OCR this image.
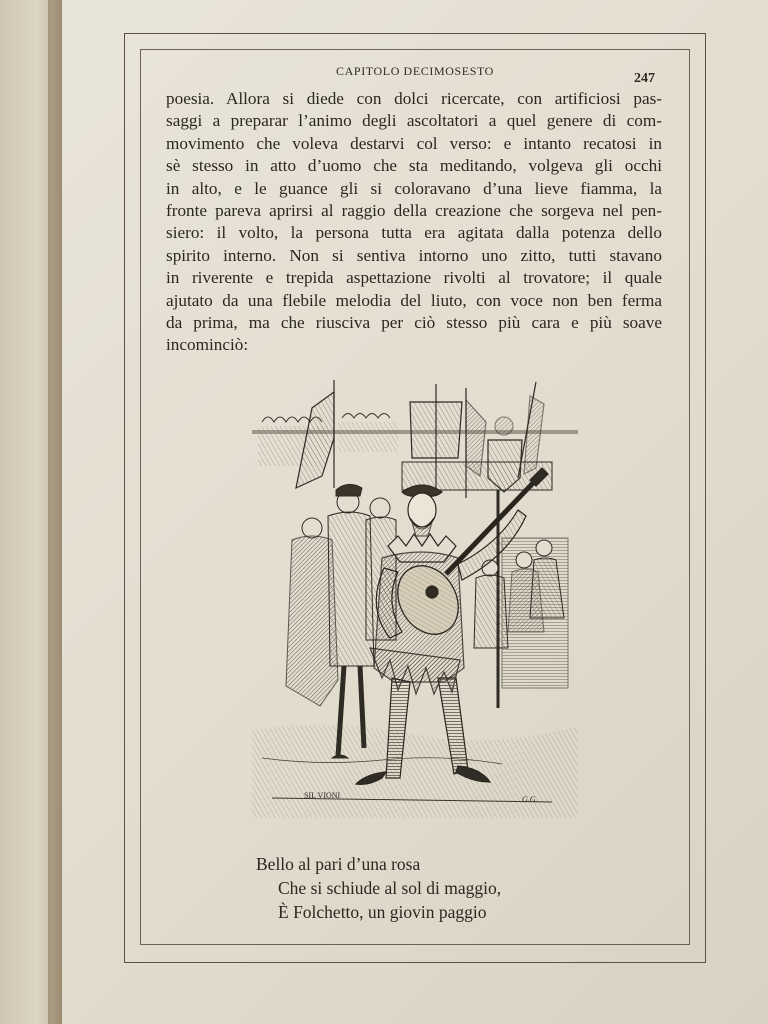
CAPITOLO DECIMOSESTO	247
poesia. Allora si diede con dolci ricercate, con artificiosi pas-
saggi a preparar l’animo degli ascoltatori a quel genere di com-
movimento che voleva destarvi col verso: e intanto recatosi in
sè stesso in atto d’uomo che sta meditando, volgeva gli occhi
in alto, e le guance gli si coloravano d’una lieve fiamma, la
fronte pareva aprirsi al raggio della creazione che sorgeva nel pen-
siero: il volto, la persona tutta era agitata dalla potenza dello
spirito interno. Non si sentiva intorno uno zitto, tutti stavano
in riverente e trepida aspettazione rivolti al trovatore; il quale
ajutato da una flebile melodia del liuto, con voce non ben ferma
da prima, ma che riusciva per ciò stesso più cara e più soave
incominciò:
SIL VIONI	G.G.
Bello al pari d’una rosa
Che si schiude al sol di maggio,
È Folchetto, un giovin paggio
